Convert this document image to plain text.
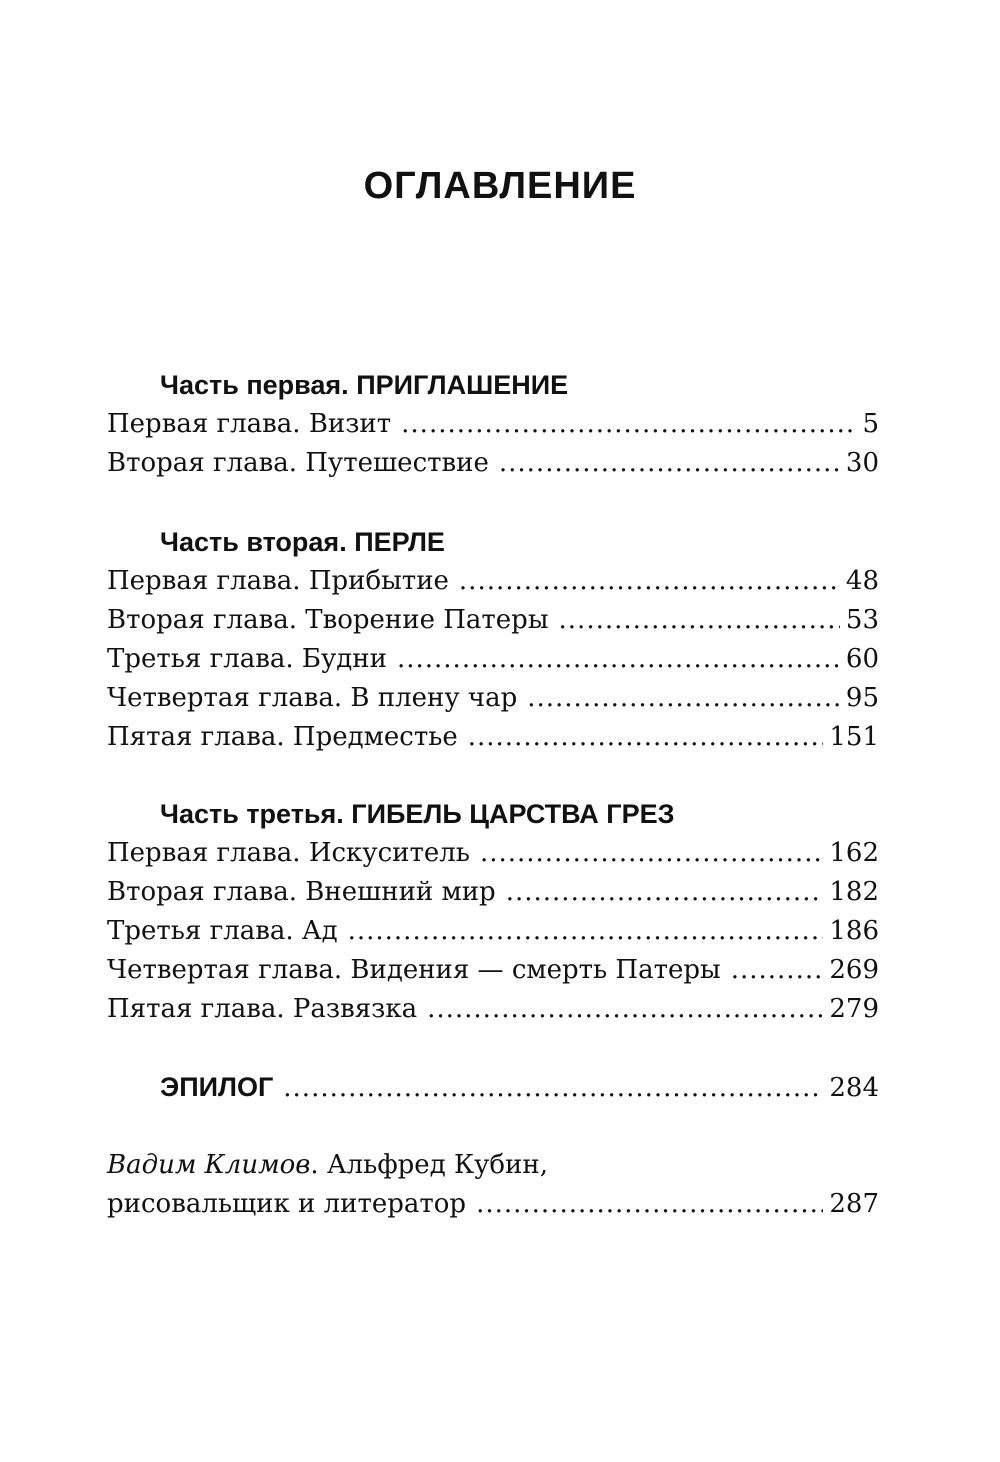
ОГЛАВЛЕНИЕ
Часть первая. ПРИГЛАШЕНИЕ
Первая глава. Визит .....	5
Вторая глава. Путешествие .....	30
Часть вторая. ПЕРЛЕ
Первая глава. Прибытие .....	48
Вторая глава. Творение Патеры .....	53
Третья глава. Будни .....	60
Четвертая глава. В плену чар .....	95
Пятая глава. Предместье .....	151
Часть третья. ГИБЕЛЬ ЦАРСТВА ГРЕЗ
Первая глава. Искуситель .....	162
Вторая глава. Внешний мир .....	182
Третья глава. Ад .....	186
Четвертая глава. Видения — смерть Патеры .....	269
Пятая глава. Развязка .....	279
ЭПИЛОГ .....	284
Вадим Климов. Альфред Кубин,
рисовальщик и литератор .....	287
